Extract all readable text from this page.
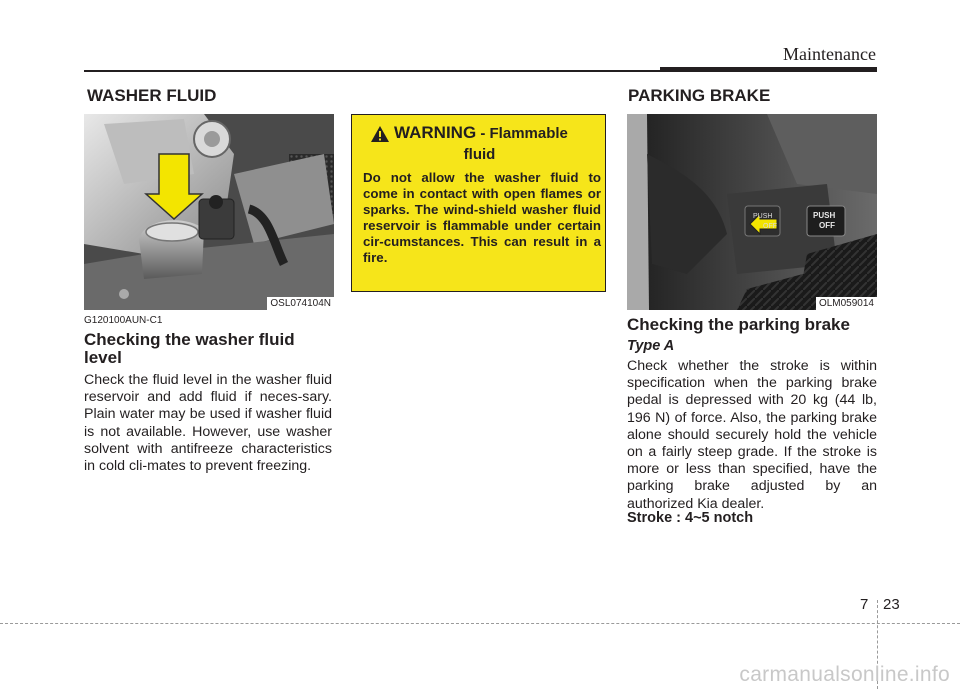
Maintenance
WASHER FLUID	PARKING BRAKE
OSL074104N
WARNING - Flammable
fluid
Do not allow the washer fluid to come in contact with open flames or sparks. The wind-shield washer fluid reservoir is flammable under certain cir-cumstances. This can result in a fire.
PUSH
OFF
PUSH
OFF
OLM059014
G120100AUN-C1
Checking the washer fluid level
Check the fluid level in the washer fluid reservoir and add fluid if neces-sary. Plain water may be used if washer fluid is not available. However, use washer solvent with antifreeze characteristics in cold cli-mates to prevent freezing.
Checking the parking brake
Type A
Check whether the stroke is within specification when the parking brake pedal is depressed with 20 kg (44 lb, 196 N) of force. Also, the parking brake alone should securely hold the vehicle on a fairly steep grade. If the stroke is more or less than specified, have the parking brake adjusted by an authorized Kia dealer.
Stroke : 4~5 notch
7 23
carmanualsonline.info
